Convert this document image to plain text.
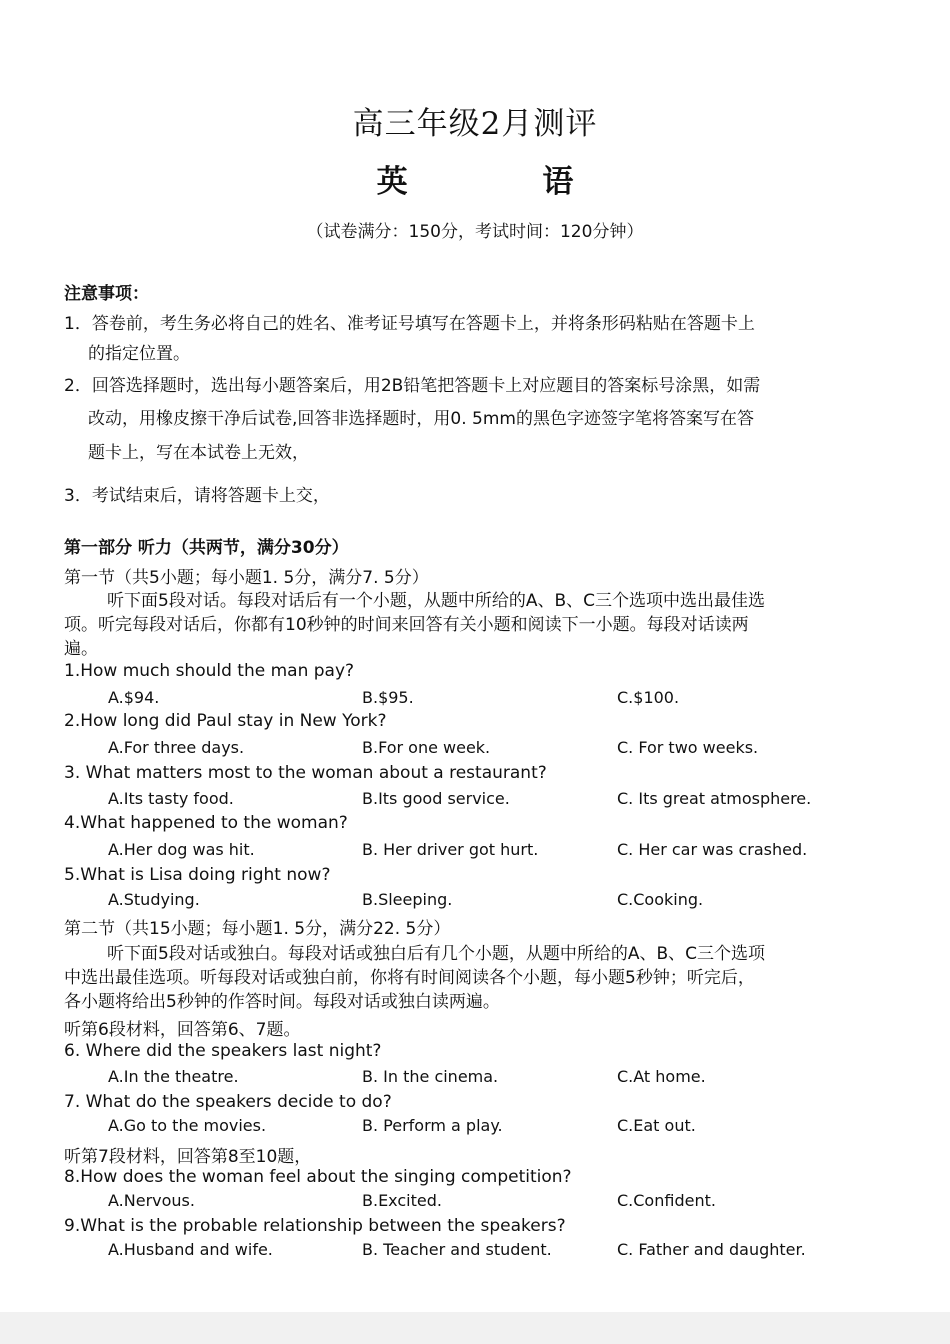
高三年级2月测评
英 语
（试卷满分：150分，考试时间：120分钟）
注意事项：
1．答卷前，考生务必将自己的姓名、准考证号填写在答题卡上，并将条形码粘贴在答题卡上
的指定位置。
2．回答选择题时，选出每小题答案后，用2B铅笔把答题卡上对应题目的答案标号涂黑，如需
改动，用橡皮擦干净后试卷,回答非选择题时，用0. 5mm的黑色字迹签字笔将答案写在答
题卡上，写在本试卷上无效，
3．考试结束后，请将答题卡上交，
第一部分 听力（共两节，满分30分）
第一节（共5小题；每小题1. 5分，满分7. 5分）
听下面5段对话。每段对话后有一个小题，从题中所给的A、B、C三个选项中选出最佳选
项。听完每段对话后，你都有10秒钟的时间来回答有关小题和阅读下一小题。每段对话读两
遍。
1.How much should the man pay?
A.$94.	B.$95.	C.$100.
2.How long did Paul stay in New York?
A.For three days.	B.For one week.	C. For two weeks.
3. What matters most to the woman about a restaurant?
A.Its tasty food.	B.Its good service.	C. Its great atmosphere.
4.What happened to the woman?
A.Her dog was hit.	B. Her driver got hurt.	C. Her car was crashed.
5.What is Lisa doing right now?
A.Studying.	B.Sleeping.	C.Cooking.
第二节（共15小题；每小题1. 5分，满分22. 5分）
听下面5段对话或独白。每段对话或独白后有几个小题，从题中所给的A、B、C三个选项
中选出最佳选项。听每段对话或独白前，你将有时间阅读各个小题，每小题5秒钟；听完后，
各小题将给出5秒钟的作答时间。每段对话或独白读两遍。
听第6段材料，回答第6、7题。
6. Where did the speakers last night?
A.In the theatre.	B. In the cinema.	C.At home.
7. What do the speakers decide to do?
A.Go to the movies.	B. Perform a play.	C.Eat out.
听第7段材料，回答第8至10题，
8.How does the woman feel about the singing competition?
A.Nervous.	B.Excited.	C.Confident.
9.What is the probable relationship between the speakers?
A.Husband and wife.	B. Teacher and student.	C. Father and daughter.
